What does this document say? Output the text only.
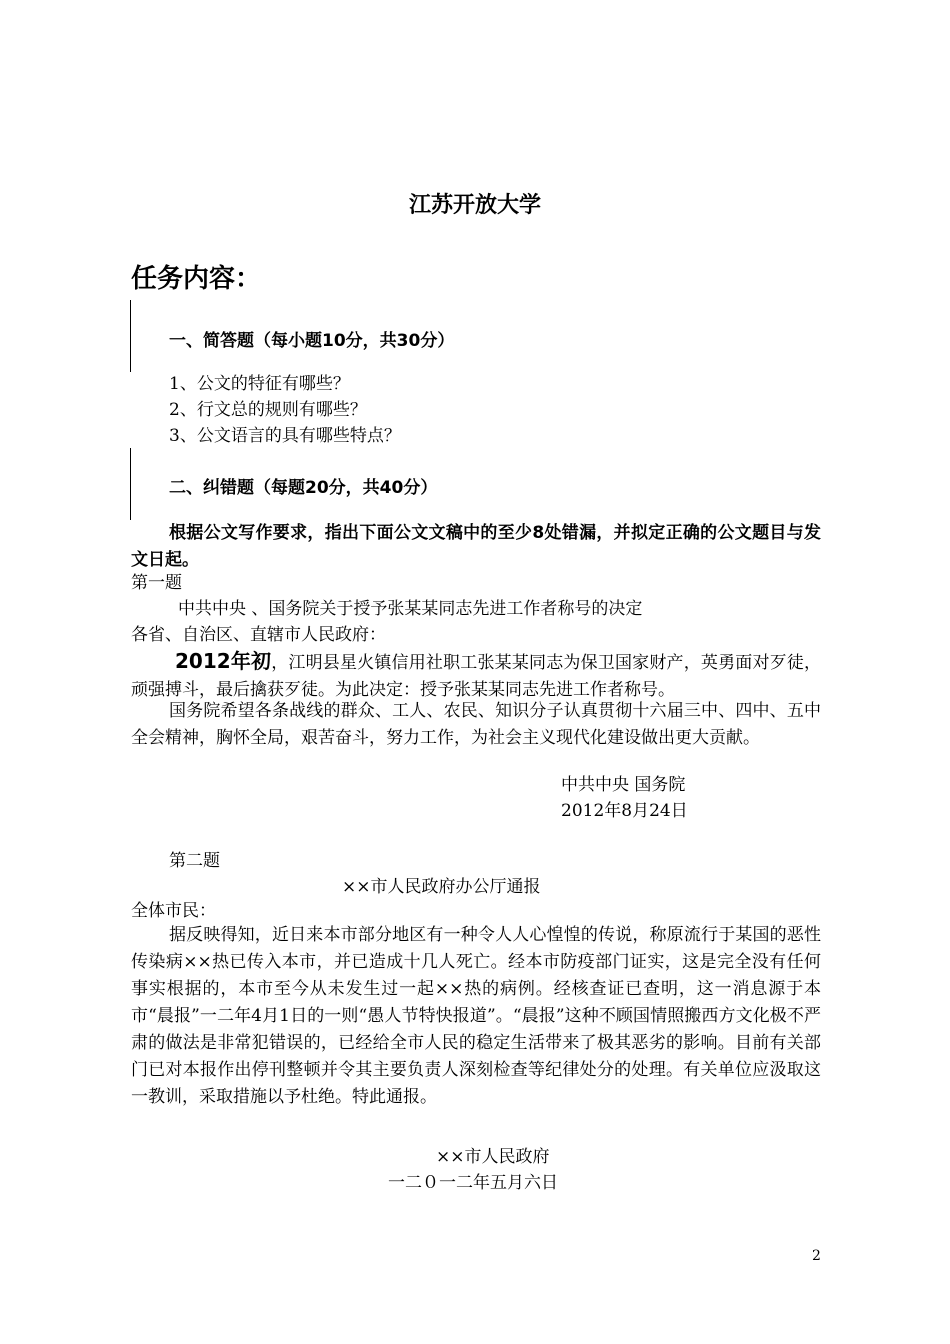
江苏开放大学
任务内容：
一、简答题（每小题10分，共30分）
1、公文的特征有哪些？
2、行文总的规则有哪些？
3、公文语言的具有哪些特点？
二、纠错题（每题20分，共40分）
根据公文写作要求，指出下面公文文稿中的至少8处错漏，并拟定正确的公文题目与发文日起。
第一题
中共中央 、国务院关于授予张某某同志先进工作者称号的决定
各省、自治区、直辖市人民政府：
2012年初，江明县星火镇信用社职工张某某同志为保卫国家财产，英勇面对歹徒，顽强搏斗，最后擒获歹徒。为此决定：授予张某某同志先进工作者称号。
国务院希望各条战线的群众、工人、农民、知识分子认真贯彻十六届三中、四中、五中全会精神，胸怀全局，艰苦奋斗，努力工作，为社会主义现代化建设做出更大贡献。
中共中央 国务院
2012年8月24日
第二题
××市人民政府办公厅通报
全体市民：
据反映得知，近日来本市部分地区有一种令人人心惶惶的传说，称原流行于某国的恶性传染病××热已传入本市，并已造成十几人死亡。经本市防疫部门证实，这是完全没有任何事实根据的，本市至今从未发生过一起××热的病例。经核查证已查明，这一消息源于本市“晨报”一二年4月1日的一则“愚人节特快报道”。“晨报”这种不顾国情照搬西方文化极不严肃的做法是非常犯错误的，已经给全市人民的稳定生活带来了极其恶劣的影响。目前有关部门已对本报作出停刊整顿并令其主要负责人深刻检查等纪律处分的处理。有关单位应汲取这一教训，采取措施以予杜绝。特此通报。
××市人民政府
一二０一二年五月六日
2
